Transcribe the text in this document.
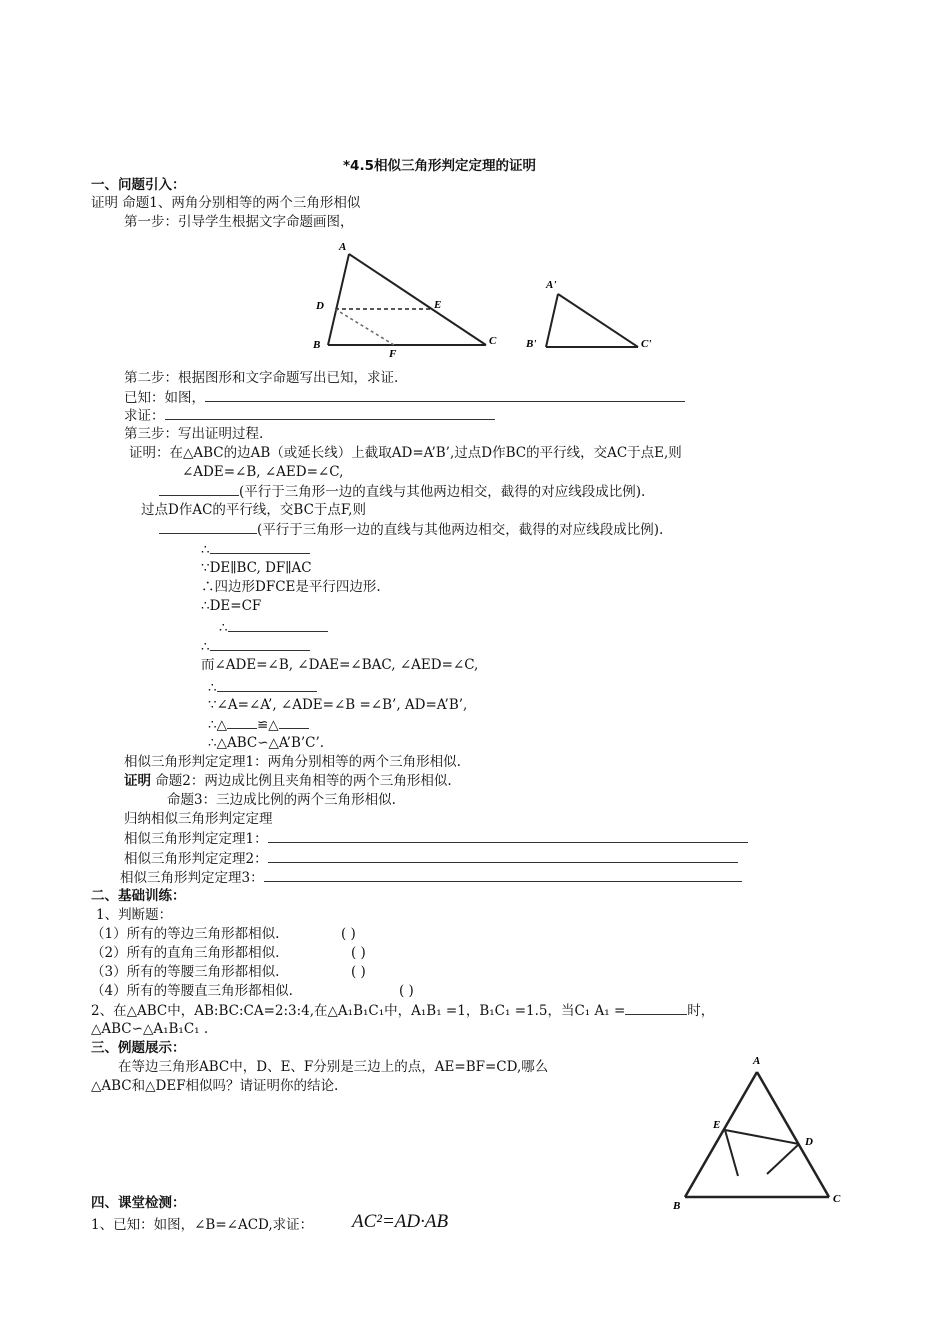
*4.5相似三角形判定定理的证明
一、问题引入：
证明 命题1、两角分别相等的两个三角形相似
第一步：引导学生根据文字命题画图，
A
D	E
B	C
F
A'
B'	C'
第二步：根据图形和文字命题写出已知，求证.
已知：如图，
求证：
第三步：写出证明过程.
证明：在△ABC的边AB（或延长线）上截取AD=A’B’,过点D作BC的平行线，交AC于点E,则
∠ADE=∠B, ∠AED=∠C,
(平行于三角形一边的直线与其他两边相交，截得的对应线段成比例).
过点D作AC的平行线，交BC于点F,则
(平行于三角形一边的直线与其他两边相交，截得的对应线段成比例).
∴
∵DE∥BC, DF∥AC
∴四边形DFCE是平行四边形.
∴DE=CF
∴
∴
而∠ADE=∠B, ∠DAE=∠BAC, ∠AED=∠C,
∴
∵∠A=∠A’, ∠ADE=∠B =∠B’, AD=A’B’,
∴△ ≌△
∴△ABC∽△A’B’C’.
相似三角形判定定理1：两角分别相等的两个三角形相似.
证明 命题2：两边成比例且夹角相等的两个三角形相似.
命题3：三边成比例的两个三角形相似.
归纳相似三角形判定定理
相似三角形判定定理1：
相似三角形判定定理2：
相似三角形判定定理3：
二、基础训练：
1、判断题：
（1）所有的等边三角形都相似.	( )
（2）所有的直角三角形都相似.	( )
（3）所有的等腰三角形都相似.	( )
（4）所有的等腰直三角形都相似.	( )
2、在△ABC中，AB:BC:CA=2:3:4,在△A₁B₁C₁中，A₁B₁ =1，B₁C₁ =1.5，当C₁ A₁ =	时，
△ABC∽△A₁B₁C₁ .
三、例题展示：
在等边三角形ABC中，D、E、F分别是三边上的点，AE=BF=CD,哪么
△ABC和△DEF相似吗？请证明你的结论.
A
E
D
B
C
四、课堂检测：
1、已知：如图，∠B=∠ACD,求证： AC²=AD·AB
